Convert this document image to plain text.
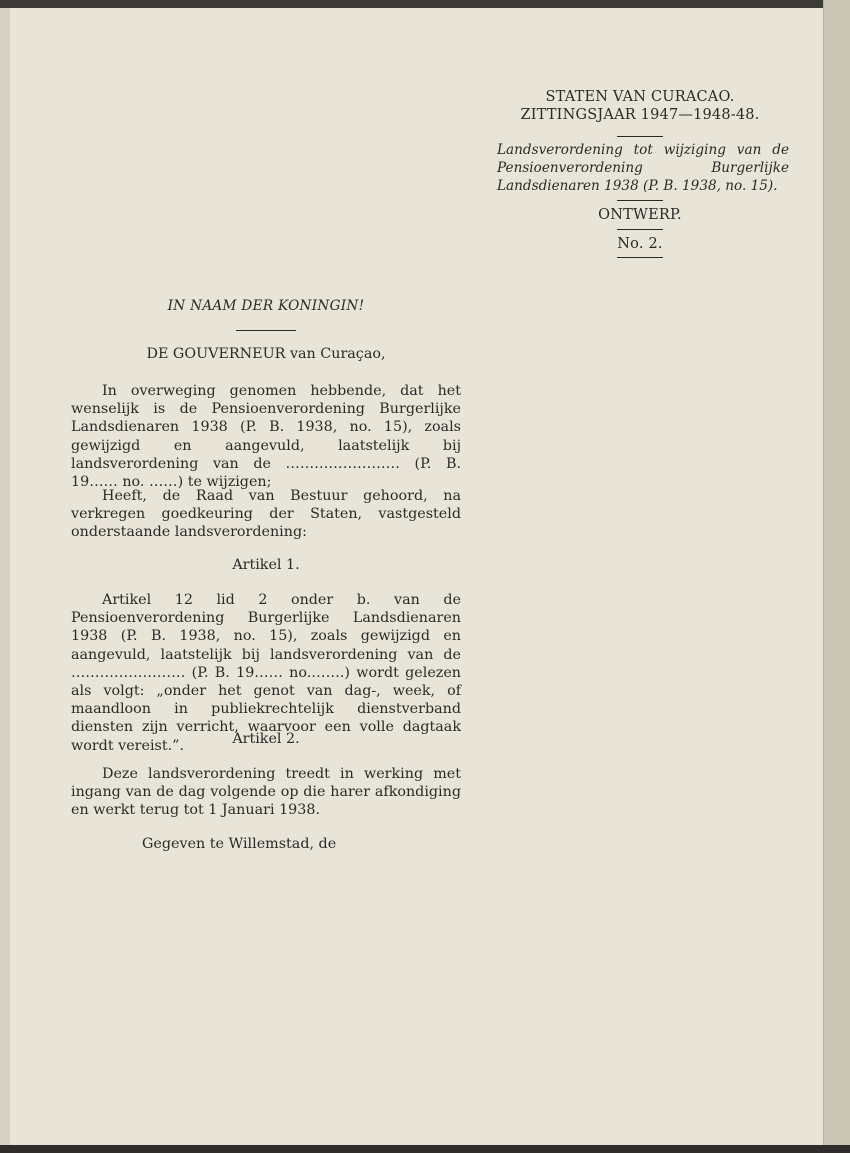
STATEN VAN CURACAO.
ZITTINGSJAAR 1947—1948-48.
Landsverordening tot wijziging van de Pensioenverordening Burgerlijke Landsdienaren 1938 (P. B. 1938, no. 15).
ONTWERP.
No. 2.
IN NAAM DER KONINGIN!
DE GOUVERNEUR van Curaçao,

In overweging genomen hebbende, dat het wenselijk is de Pensioenverordening Burgerlijke Landsdienaren 1938 (P. B. 1938, no. 15), zoals gewijzigd en aangevuld, laatstelijk bij landsverordening van de …………………… (P. B. 19…… no. ……) te wijzigen;

Heeft, de Raad van Bestuur gehoord, na verkregen goedkeuring der Staten, vastgesteld onderstaande landsverordening:

Artikel 1.

Artikel 12 lid 2 onder b. van de Pensioenverordening Burgerlijke Landsdienaren 1938 (P. B. 1938, no. 15), zoals gewijzigd en aangevuld, laatstelijk bij landsverordening van de …………………… (P. B. 19…… no.…….) wordt gelezen als volgt: „onder het genot van dag-, week, of maandloon in publiekrechtelijk dienstverband diensten zijn verricht, waarvoor een volle dagtaak wordt vereist.”.	Artikel 2.

Deze landsverordening treedt in werking met ingang van de dag volgende op die harer afkondiging en werkt terug tot 1 Januari 1938.

Gegeven te Willemstad, de
